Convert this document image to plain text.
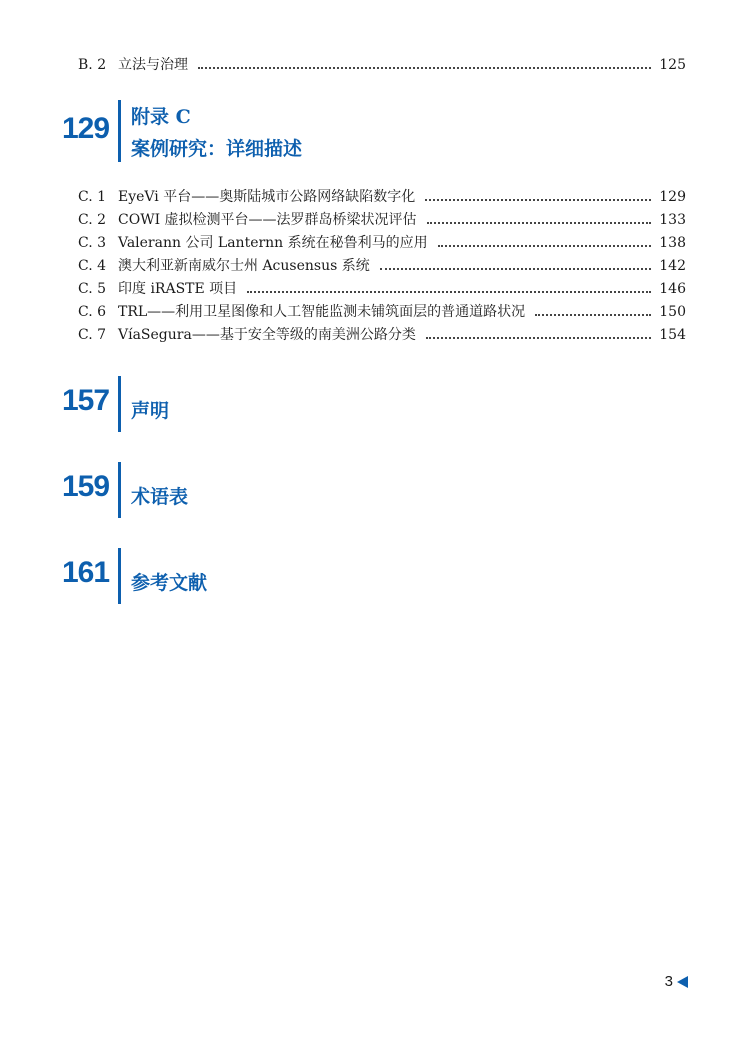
B. 2 立法与治理	125
129	附录 C
案例研究：详细描述
C. 1 EyeVi 平台——奥斯陆城市公路网络缺陷数字化	129
C. 2 COWI 虚拟检测平台——法罗群岛桥梁状况评估	133
C. 3 Valerann 公司 Lanternn 系统在秘鲁利马的应用	138
C. 4 澳大利亚新南威尔士州 Acusensus 系统	142
C. 5 印度 iRASTE 项目	146
C. 6 TRL——利用卫星图像和人工智能监测未铺筑面层的普通道路状况	150
C. 7 VíaSegura——基于安全等级的南美洲公路分类	154
157	声明
159	术语表
161	参考文献
3
